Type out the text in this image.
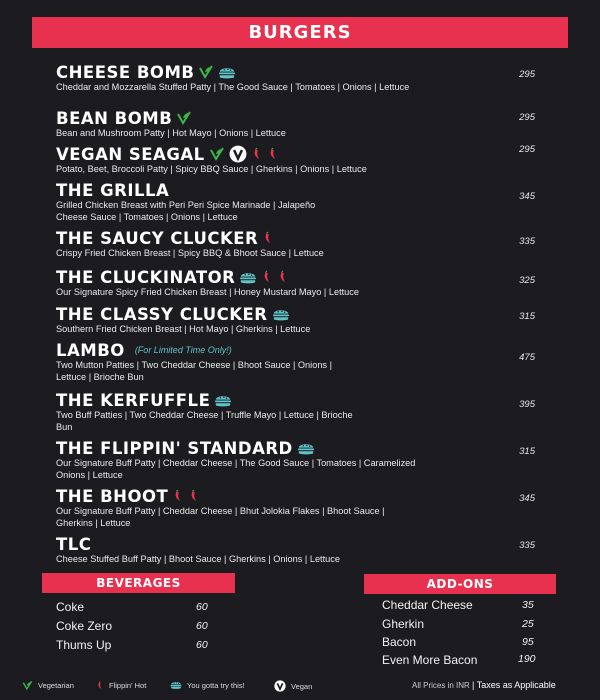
BURGERS
CHEESE BOMB
Cheddar and Mozzarella Stuffed Patty | The Good Sauce | Tomatoes | Onions | Lettuce
295
BEAN BOMB
Bean and Mushroom Patty | Hot Mayo | Onions | Lettuce
295
VEGAN SEAGAL
Potato, Beet, Broccoli Patty | Spicy BBQ Sauce | Gherkins | Onions | Lettuce
295
THE GRILLA
Grilled Chicken Breast with Peri Peri Spice Marinade | Jalapeño Cheese Sauce | Tomatoes | Onions | Lettuce
345
THE SAUCY CLUCKER
Crispy Fried Chicken Breast | Spicy BBQ & Bhoot Sauce | Lettuce
335
THE CLUCKINATOR
Our Signature Spicy Fried Chicken Breast | Honey Mustard Mayo | Lettuce
325
THE CLASSY CLUCKER
Southern Fried Chicken Breast | Hot Mayo | Gherkins | Lettuce
315
LAMBO (For Limited Time Only!)
Two Mutton Patties | Two Cheddar Cheese | Bhoot Sauce | Onions | Lettuce | Brioche Bun
475
THE KERFUFFLE
Two Buff Patties | Two Cheddar Cheese | Truffle Mayo | Lettuce | Brioche Bun
395
THE FLIPPIN' STANDARD
Our Signature Buff Patty | Cheddar Cheese | The Good Sauce | Tomatoes | Caramelized Onions | Lettuce
315
THE BHOOT
Our Signature Buff Patty | Cheddar Cheese | Bhut Jolokia Flakes | Bhoot Sauce | Gherkins | Lettuce
345
TLC
Cheese Stuffed Buff Patty | Bhoot Sauce | Gherkins | Onions | Lettuce
335
BEVERAGES
Coke	60
Coke Zero	60
Thums Up	60
ADD-ONS
Cheddar Cheese	35
Gherkin	25
Bacon	95
Even More Bacon	190
Vegetarian	Flippin' Hot	You gotta try this!	Vegan	All Prices in INR | Taxes as Applicable
